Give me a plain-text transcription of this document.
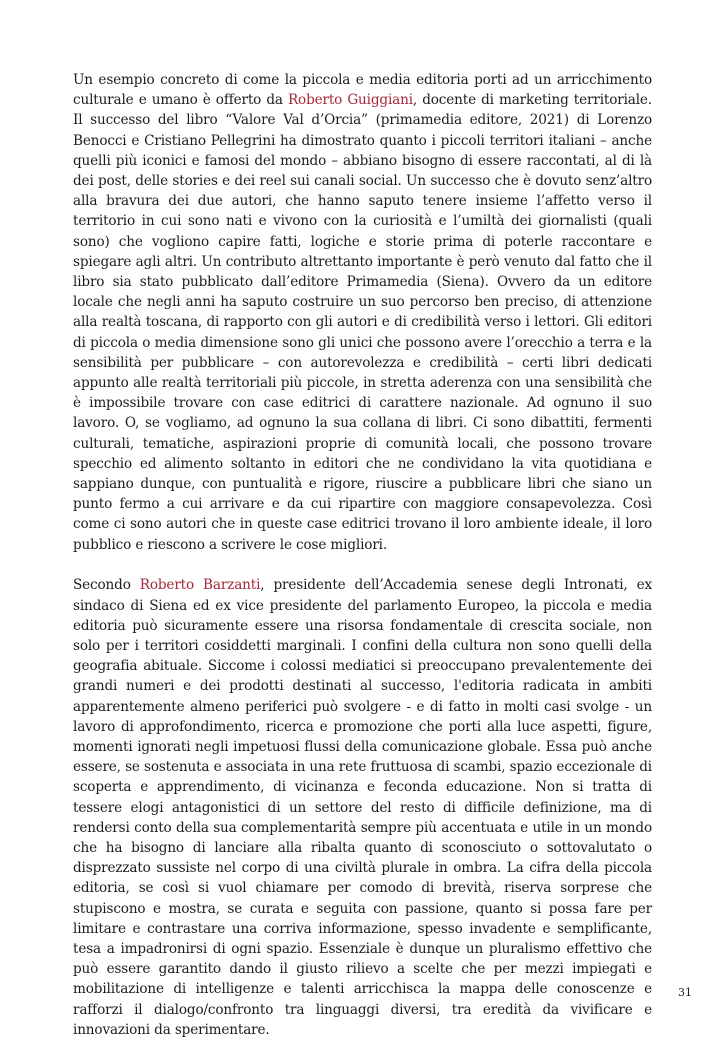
Un esempio concreto di come la piccola e media editoria porti ad un arricchimento culturale e umano è offerto da Roberto Guiggiani, docente di marketing territoriale. Il successo del libro “Valore Val d’Orcia” (primamedia editore, 2021) di Lorenzo Benocci e Cristiano Pellegrini ha dimostrato quanto i piccoli territori italiani – anche quelli più iconici e famosi del mondo – abbiano bisogno di essere raccontati, al di là dei post, delle stories e dei reel sui canali social. Un successo che è dovuto senz’altro alla bravura dei due autori, che hanno saputo tenere insieme l’affetto verso il territorio in cui sono nati e vivono con la curiosità e l’umiltà dei giornalisti (quali sono) che vogliono capire fatti, logiche e storie prima di poterle raccontare e spiegare agli altri. Un contributo altrettanto importante è però venuto dal fatto che il libro sia stato pubblicato dall’editore Primamedia (Siena). Ovvero da un editore locale che negli anni ha saputo costruire un suo percorso ben preciso, di attenzione alla realtà toscana, di rapporto con gli autori e di credibilità verso i lettori. Gli editori di piccola o media dimensione sono gli unici che possono avere l’orecchio a terra e la sensibilità per pubblicare – con autorevolezza e credibilità – certi libri dedicati appunto alle realtà territoriali più piccole, in stretta aderenza con una sensibilità che è impossibile trovare con case editrici di carattere nazionale. Ad ognuno il suo lavoro. O, se vogliamo, ad ognuno la sua collana di libri. Ci sono dibattiti, fermenti culturali, tematiche, aspirazioni proprie di comunità locali, che possono trovare specchio ed alimento soltanto in editori che ne condividano la vita quotidiana e sappiano dunque, con puntualità e rigore, riuscire a pubblicare libri che siano un punto fermo a cui arrivare e da cui ripartire con maggiore consapevolezza. Così come ci sono autori che in queste case editrici trovano il loro ambiente ideale, il loro pubblico e riescono a scrivere le cose migliori.

Secondo Roberto Barzanti, presidente dell’Accademia senese degli Intronati, ex sindaco di Siena ed ex vice presidente del parlamento Europeo, la piccola e media editoria può sicuramente essere una risorsa fondamentale di crescita sociale, non solo per i territori cosiddetti marginali. I confini della cultura non sono quelli della geografia abituale. Siccome i colossi mediatici si preoccupano prevalentemente dei grandi numeri e dei prodotti destinati al successo, l'editoria radicata in ambiti apparentemente almeno periferici può svolgere - e di fatto in molti casi svolge - un lavoro di approfondimento, ricerca e promozione che porti alla luce aspetti, figure, momenti ignorati negli impetuosi flussi della comunicazione globale. Essa può anche essere, se sostenuta e associata in una rete fruttuosa di scambi, spazio eccezionale di scoperta e apprendimento, di vicinanza e feconda educazione. Non si tratta di tessere elogi antagonistici di un settore del resto di difficile definizione, ma di rendersi conto della sua complementarità sempre più accentuata e utile in un mondo che ha bisogno di lanciare alla ribalta quanto di sconosciuto o sottovalutato o disprezzato sussiste nel corpo di una civiltà plurale in ombra. La cifra della piccola editoria, se così si vuol chiamare per comodo di brevità, riserva sorprese che stupiscono e mostra, se curata e seguita con passione, quanto si possa fare per limitare e contrastare una corriva informazione, spesso invadente e semplificante, tesa a impadronirsi di ogni spazio. Essenziale è dunque un pluralismo effettivo che può essere garantito dando il giusto rilievo a scelte che per mezzi impiegati e mobilitazione di intelligenze e talenti arricchisca la mappa delle conoscenze e rafforzi il dialogo/confronto tra linguaggi diversi, tra eredità da vivificare e innovazioni da sperimentare.

31
